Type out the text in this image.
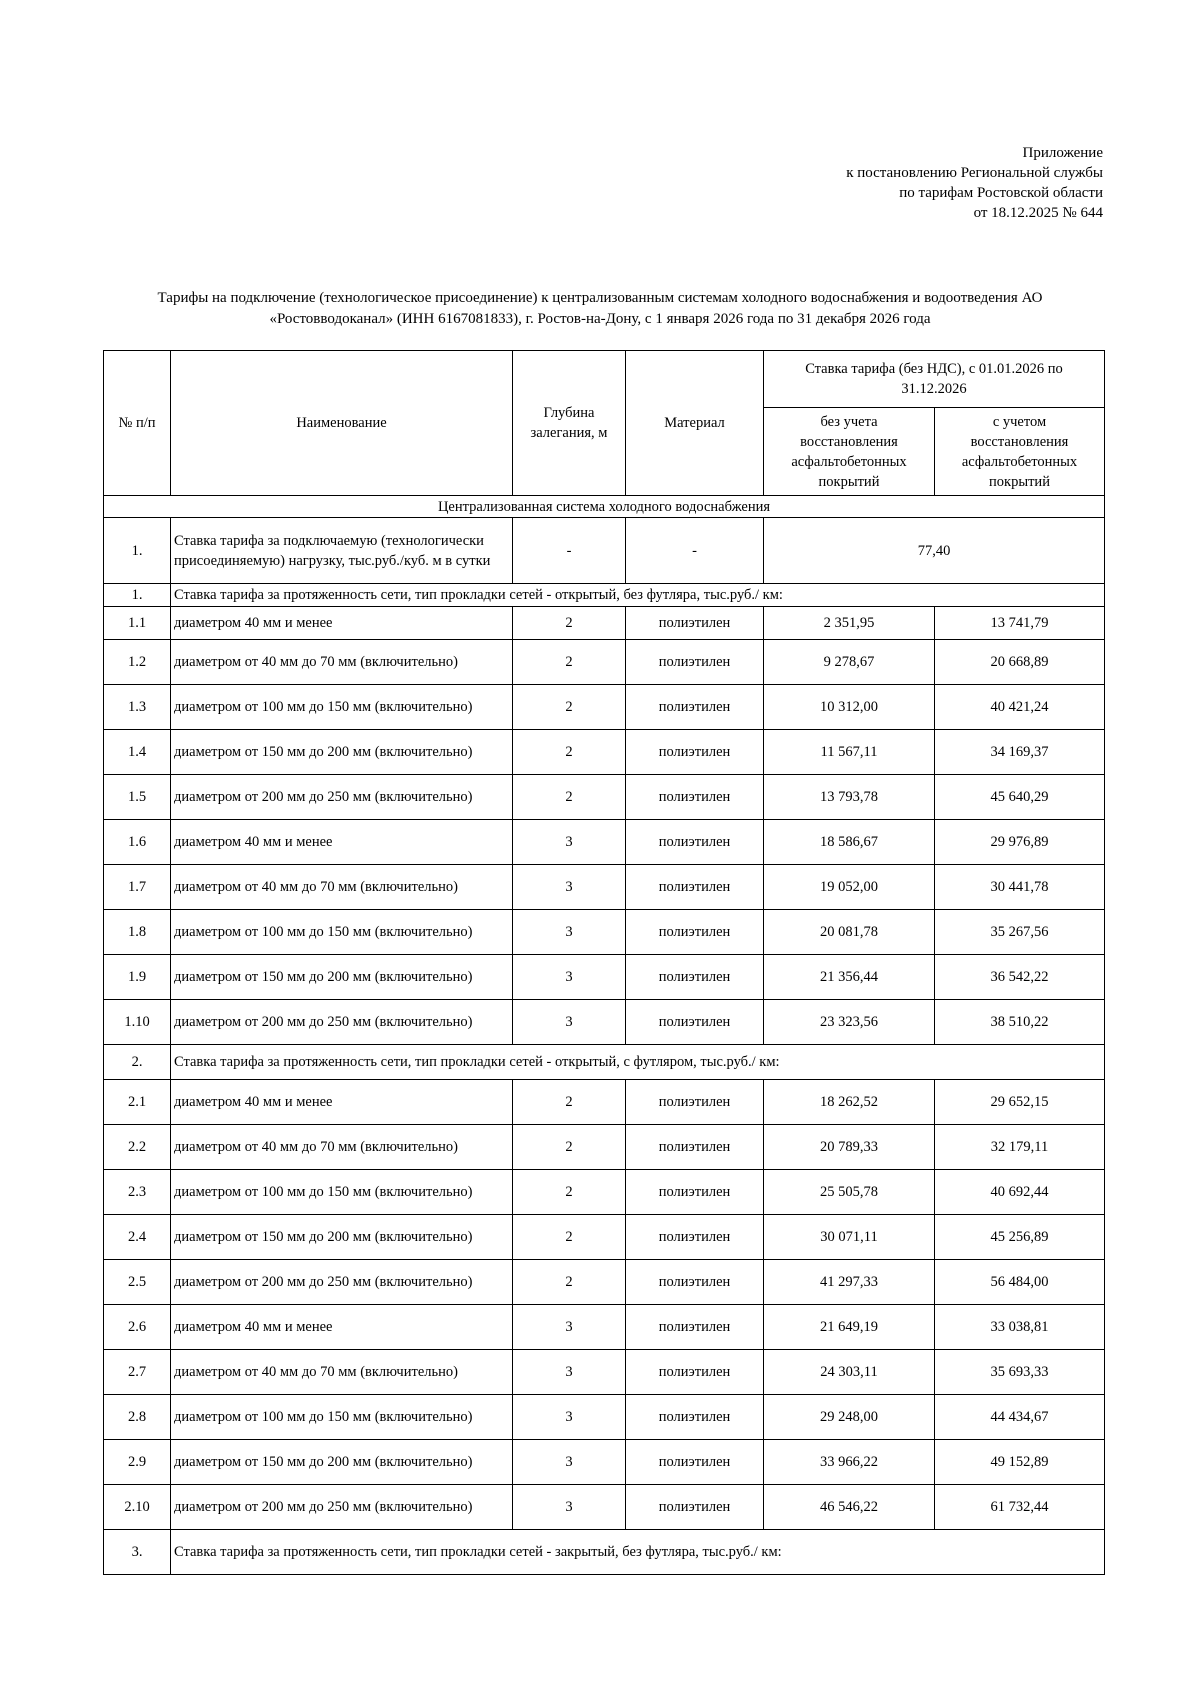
Приложение
к постановлению Региональной службы
по тарифам Ростовской области
от 18.12.2025 № 644
Тарифы на подключение (технологическое присоединение) к централизованным системам холодного водоснабжения и водоотведения АО
«Ростовводоканал» (ИНН 6167081833), г. Ростов-на-Дону, с 1 января 2026 года по 31 декабря 2026 года
№ п/п	Наименование	Глубина залегания, м	Материал	Ставка тарифа (без НДС), с 01.01.2026 по 31.12.2026	
				без учета восстановления асфальтобетонных покрытий	с учетом восстановления асфальтобетонных покрытий
Централизованная система холодного водоснабжения					
1.	Ставка тарифа за подключаемую (технологически присоединяемую) нагрузку, тыс.руб./куб. м в сутки	-	-	77,40	
1.	Ставка тарифа за протяженность сети, тип прокладки сетей - открытый, без футляра, тыс.руб./ км:				
1.1	диаметром 40 мм и менее	2	полиэтилен	2 351,95	13 741,79
1.2	диаметром от 40 мм до 70 мм (включительно)	2	полиэтилен	9 278,67	20 668,89
1.3	диаметром от 100 мм до 150 мм (включительно)	2	полиэтилен	10 312,00	40 421,24
1.4	диаметром от 150 мм до 200 мм (включительно)	2	полиэтилен	11 567,11	34 169,37
1.5	диаметром от 200 мм до 250 мм (включительно)	2	полиэтилен	13 793,78	45 640,29
1.6	диаметром 40 мм и менее	3	полиэтилен	18 586,67	29 976,89
1.7	диаметром от 40 мм до 70 мм (включительно)	3	полиэтилен	19 052,00	30 441,78
1.8	диаметром от 100 мм до 150 мм (включительно)	3	полиэтилен	20 081,78	35 267,56
1.9	диаметром от 150 мм до 200 мм (включительно)	3	полиэтилен	21 356,44	36 542,22
1.10	диаметром от 200 мм до 250 мм (включительно)	3	полиэтилен	23 323,56	38 510,22
2.	Ставка тарифа за протяженность сети, тип прокладки сетей - открытый, с футляром, тыс.руб./ км:				
2.1	диаметром 40 мм и менее	2	полиэтилен	18 262,52	29 652,15
2.2	диаметром от 40 мм до 70 мм (включительно)	2	полиэтилен	20 789,33	32 179,11
2.3	диаметром от 100 мм до 150 мм (включительно)	2	полиэтилен	25 505,78	40 692,44
2.4	диаметром от 150 мм до 200 мм (включительно)	2	полиэтилен	30 071,11	45 256,89
2.5	диаметром от 200 мм до 250 мм (включительно)	2	полиэтилен	41 297,33	56 484,00
2.6	диаметром 40 мм и менее	3	полиэтилен	21 649,19	33 038,81
2.7	диаметром от 40 мм до 70 мм (включительно)	3	полиэтилен	24 303,11	35 693,33
2.8	диаметром от 100 мм до 150 мм (включительно)	3	полиэтилен	29 248,00	44 434,67
2.9	диаметром от 150 мм до 200 мм (включительно)	3	полиэтилен	33 966,22	49 152,89
2.10	диаметром от 200 мм до 250 мм (включительно)	3	полиэтилен	46 546,22	61 732,44
3.	Ставка тарифа за протяженность сети, тип прокладки сетей - закрытый, без футляра, тыс.руб./ км:				
